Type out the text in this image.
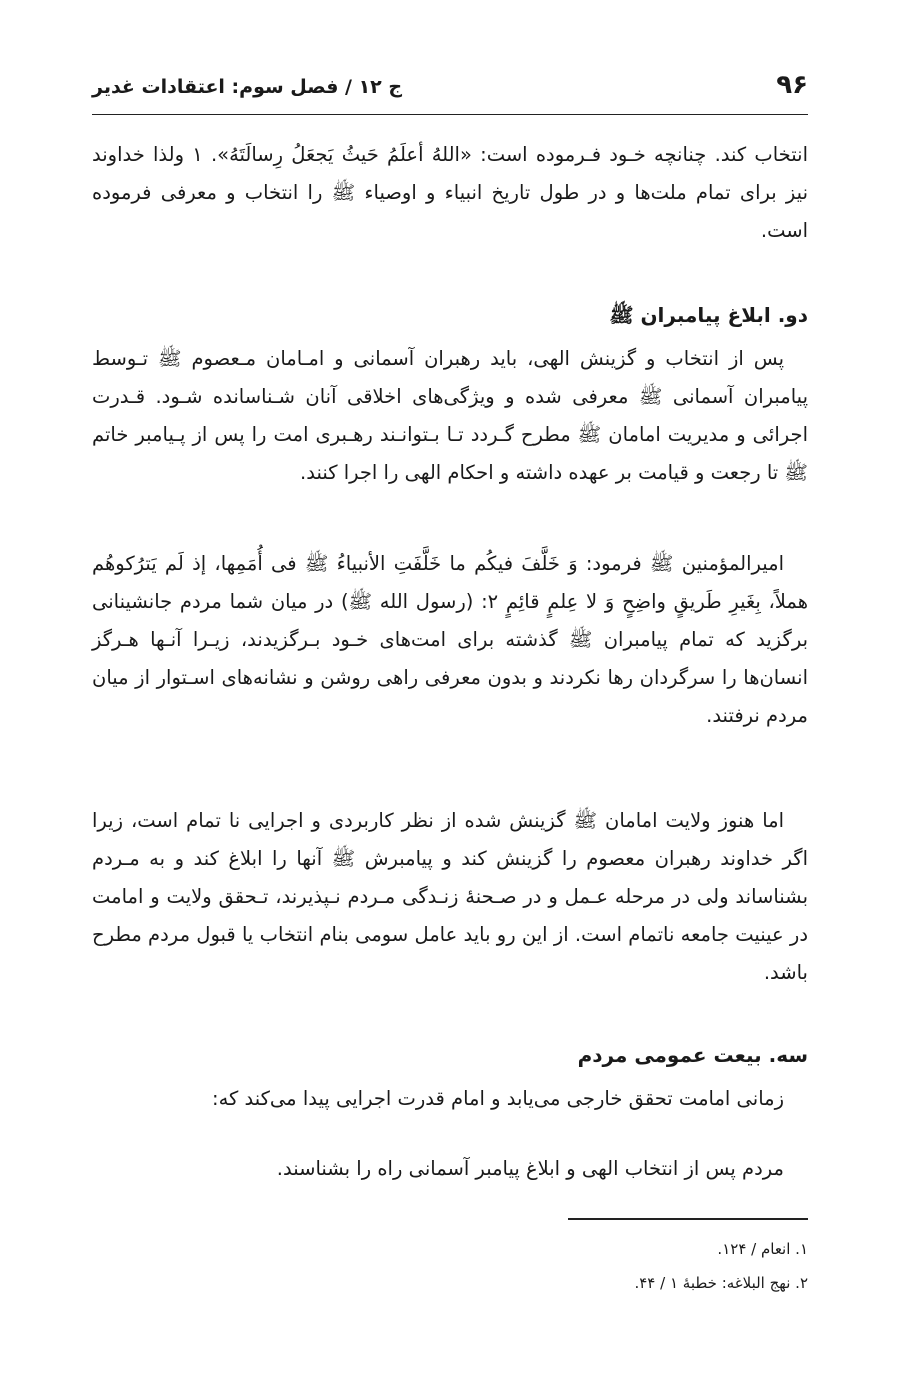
۹۶
ج ۱۲ / فصل سوم: اعتقادات غدیر

انتخاب کند. چنانچه خـود فـرموده است: «اللهُ أعلَمُ حَیثُ یَجعَلُ رِسالَتَهُ». ۱ ولذا خداوند نیز برای تمام ملت‌ها و در طول تاریخ انبیاء و اوصیاء ﷺ را انتخاب و معرفی فرموده است.

دو. ابلاغ پیامبران ﷺ

پس از انتخاب و گزینش الهی، باید رهبران آسمانی و امـامان مـعصوم ﷺ تـوسط پیامبران آسمانی ﷺ معرفی شده و ویژگی‌های اخلاقی آنان شـناسانده شـود. قـدرت اجرائی و مدیریت امامان ﷺ مطرح گـردد تـا بـتوانـند رهـبری امت را پس از پـیامبر خاتم ﷺ تا رجعت و قیامت بر عهده داشته و احکام الهی را اجرا کنند.

امیرالمؤمنین ﷺ فرمود: وَ خَلَّفَ فیکُم ما خَلَّفَتِ الأنبیاءُ ﷺ فی أُمَمِها، إذ لَم یَترُکوهُم هملاً، بِغَیرِ طَریقٍ واضِحٍ وَ لا عِلمٍ قائِمٍ ۲: (رسول الله ﷺ) در میان شما مردم جانشینانی برگزید که تمام پیامبران ﷺ گذشته برای امت‌های خـود بـرگزیدند، زیـرا آنـها هـرگز انسان‌ها را سرگردان رها نکردند و بدون معرفی راهی روشن و نشانه‌های اسـتوار از میان مردم نرفتند.

اما هنوز ولایت امامان ﷺ گزینش شده از نظر کاربردی و اجرایی نا تمام است، زیرا اگر خداوند رهبران معصوم را گزینش کند و پیامبرش ﷺ آنها را ابلاغ کند و به مـردم بشناساند ولی در مرحله عـمل و در صـحنهٔ زنـدگی مـردم نـپذیرند، تـحقق ولایت و امامت در عینیت جامعه ناتمام است. از این رو باید عامل سومی بنام انتخاب یا قبول مردم مطرح باشد.

سه. بیعت عمومی مردم

زمانی امامت تحقق خارجی می‌یابد و امام قدرت اجرایی پیدا می‌کند که:

مردم پس از انتخاب الهی و ابلاغ پیامبر آسمانی راه را بشناسند.

۱. انعام / ۱۲۴.

۲. نهج البلاغه: خطبهٔ ۱ / ۴۴.
